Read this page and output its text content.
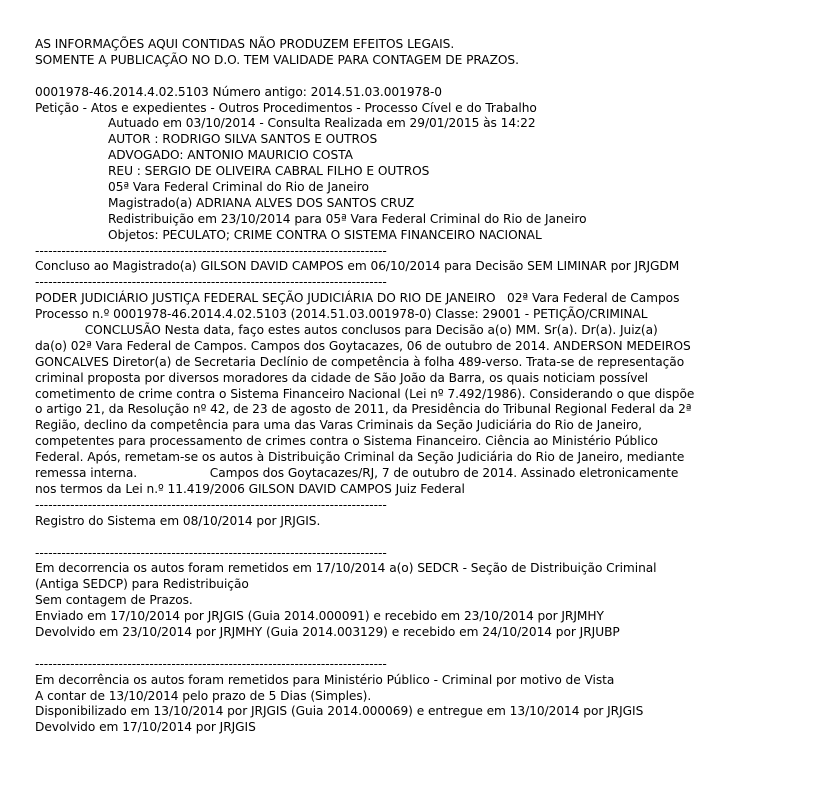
AS INFORMAÇÕES AQUI CONTIDAS NÃO PRODUZEM EFEITOS LEGAIS.
SOMENTE A PUBLICAÇÃO NO D.O. TEM VALIDADE PARA CONTAGEM DE PRAZOS.
0001978-46.2014.4.02.5103 Número antigo: 2014.51.03.001978-0
Petição - Atos e expedientes - Outros Procedimentos - Processo Cível e do Trabalho
Autuado em 03/10/2014 - Consulta Realizada em 29/01/2015 às 14:22
AUTOR : RODRIGO SILVA SANTOS E OUTROS
ADVOGADO: ANTONIO MAURICIO COSTA
REU : SERGIO DE OLIVEIRA CABRAL FILHO E OUTROS
05ª Vara Federal Criminal do Rio de Janeiro
Magistrado(a) ADRIANA ALVES DOS SANTOS CRUZ
Redistribuição em 23/10/2014 para 05ª Vara Federal Criminal do Rio de Janeiro
Objetos: PECULATO; CRIME CONTRA O SISTEMA FINANCEIRO NACIONAL
--------------------------------------------------------------------------------
Concluso ao Magistrado(a) GILSON DAVID CAMPOS em 06/10/2014 para Decisão SEM LIMINAR por JRJGDM
--------------------------------------------------------------------------------
PODER JUDICIÁRIO JUSTIÇA FEDERAL SEÇÃO JUDICIÁRIA DO RIO DE JANEIRO   02ª Vara Federal de Campos
Processo n.º 0001978-46.2014.4.02.5103 (2014.51.03.001978-0) Classe: 29001 - PETIÇÃO/CRIMINAL
CONCLUSÃO Nesta data, faço estes autos conclusos para Decisão a(o) MM. Sr(a). Dr(a). Juiz(a)
da(o) 02ª Vara Federal de Campos. Campos dos Goytacazes, 06 de outubro de 2014. ANDERSON MEDEIROS
GONCALVES Diretor(a) de Secretaria Declínio de competência à folha 489-verso. Trata-se de representação
criminal proposta por diversos moradores da cidade de São João da Barra, os quais noticiam possível
cometimento de crime contra o Sistema Financeiro Nacional (Lei nº 7.492/1986). Considerando o que dispõe
o artigo 21, da Resolução nº 42, de 23 de agosto de 2011, da Presidência do Tribunal Regional Federal da 2ª
Região, declino da competência para uma das Varas Criminais da Seção Judiciária do Rio de Janeiro,
competentes para processamento de crimes contra o Sistema Financeiro. Ciência ao Ministério Público
Federal. Após, remetam-se os autos à Distribuição Criminal da Seção Judiciária do Rio de Janeiro, mediante
remessa interna.                   Campos dos Goytacazes/RJ, 7 de outubro de 2014. Assinado eletronicamente
nos termos da Lei n.º 11.419/2006 GILSON DAVID CAMPOS Juiz Federal
--------------------------------------------------------------------------------
Registro do Sistema em 08/10/2014 por JRJGIS.
--------------------------------------------------------------------------------
Em decorrencia os autos foram remetidos em 17/10/2014 a(o) SEDCR - Seção de Distribuição Criminal
(Antiga SEDCP) para Redistribuição
Sem contagem de Prazos.
Enviado em 17/10/2014 por JRJGIS (Guia 2014.000091) e recebido em 23/10/2014 por JRJMHY
Devolvido em 23/10/2014 por JRJMHY (Guia 2014.003129) e recebido em 24/10/2014 por JRJUBP
--------------------------------------------------------------------------------
Em decorrência os autos foram remetidos para Ministério Público - Criminal por motivo de Vista
A contar de 13/10/2014 pelo prazo de 5 Dias (Simples).
Disponibilizado em 13/10/2014 por JRJGIS (Guia 2014.000069) e entregue em 13/10/2014 por JRJGIS
Devolvido em 17/10/2014 por JRJGIS
